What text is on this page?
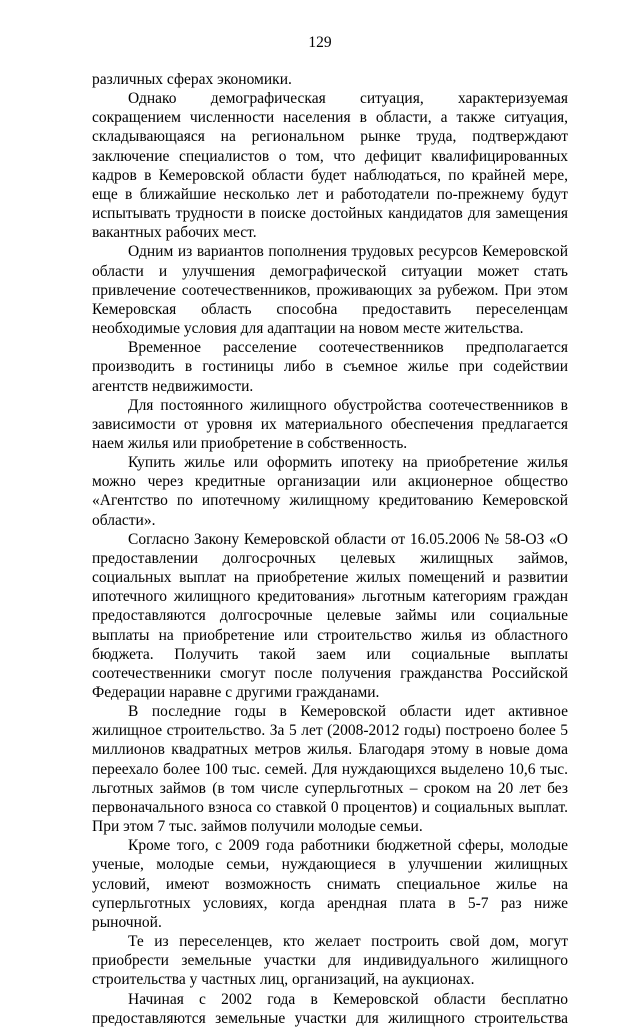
129

различных сферах экономики.

Однако демографическая ситуация, характеризуемая сокращением численности населения в области, а также ситуация, складывающаяся на региональном рынке труда, подтверждают заключение специалистов о том, что дефицит квалифицированных кадров в Кемеровской области будет наблюдаться, по крайней мере, еще в ближайшие несколько лет и работодатели по-прежнему будут испытывать трудности в поиске достойных кандидатов для замещения вакантных рабочих мест.

Одним из вариантов пополнения трудовых ресурсов Кемеровской области и улучшения демографической ситуации может стать привлечение соотечественников, проживающих за рубежом. При этом Кемеровская область способна предоставить переселенцам необходимые условия для адаптации на новом месте жительства.

Временное расселение соотечественников предполагается производить в гостиницы либо в съемное жилье при содействии агентств недвижимости.

Для постоянного жилищного обустройства соотечественников в зависимости от уровня их материального обеспечения предлагается наем жилья или приобретение в собственность.

Купить жилье или оформить ипотеку на приобретение жилья можно через кредитные организации или акционерное общество «Агентство по ипотечному жилищному кредитованию Кемеровской области».

Согласно Закону Кемеровской области от 16.05.2006 № 58-ОЗ «О предоставлении долгосрочных целевых жилищных займов, социальных выплат на приобретение жилых помещений и развитии ипотечного жилищного кредитования» льготным категориям граждан предоставляются долгосрочные целевые займы или социальные выплаты на приобретение или строительство жилья из областного бюджета. Получить такой заем или социальные выплаты соотечественники смогут после получения гражданства Российской Федерации наравне с другими гражданами.

В последние годы в Кемеровской области идет активное жилищное строительство. За 5 лет (2008-2012 годы) построено более 5 миллионов квадратных метров жилья. Благодаря этому в новые дома переехало более 100 тыс. семей. Для нуждающихся выделено 10,6 тыс. льготных займов (в том числе суперльготных – сроком на 20 лет без первоначального взноса со ставкой 0 процентов) и социальных выплат. При этом 7 тыс. займов получили молодые семьи.

Кроме того, с 2009 года работники бюджетной сферы, молодые ученые, молодые семьи, нуждающиеся в улучшении жилищных условий, имеют возможность снимать специальное жилье на суперльготных условиях, когда арендная плата в 5-7 раз ниже рыночной.

Те из переселенцев, кто желает построить свой дом, могут приобрести земельные участки для индивидуального жилищного строительства у частных лиц, организаций, на аукционах.

Начиная с 2002 года в Кемеровской области бесплатно предоставляются земельные участки для жилищного строительства
